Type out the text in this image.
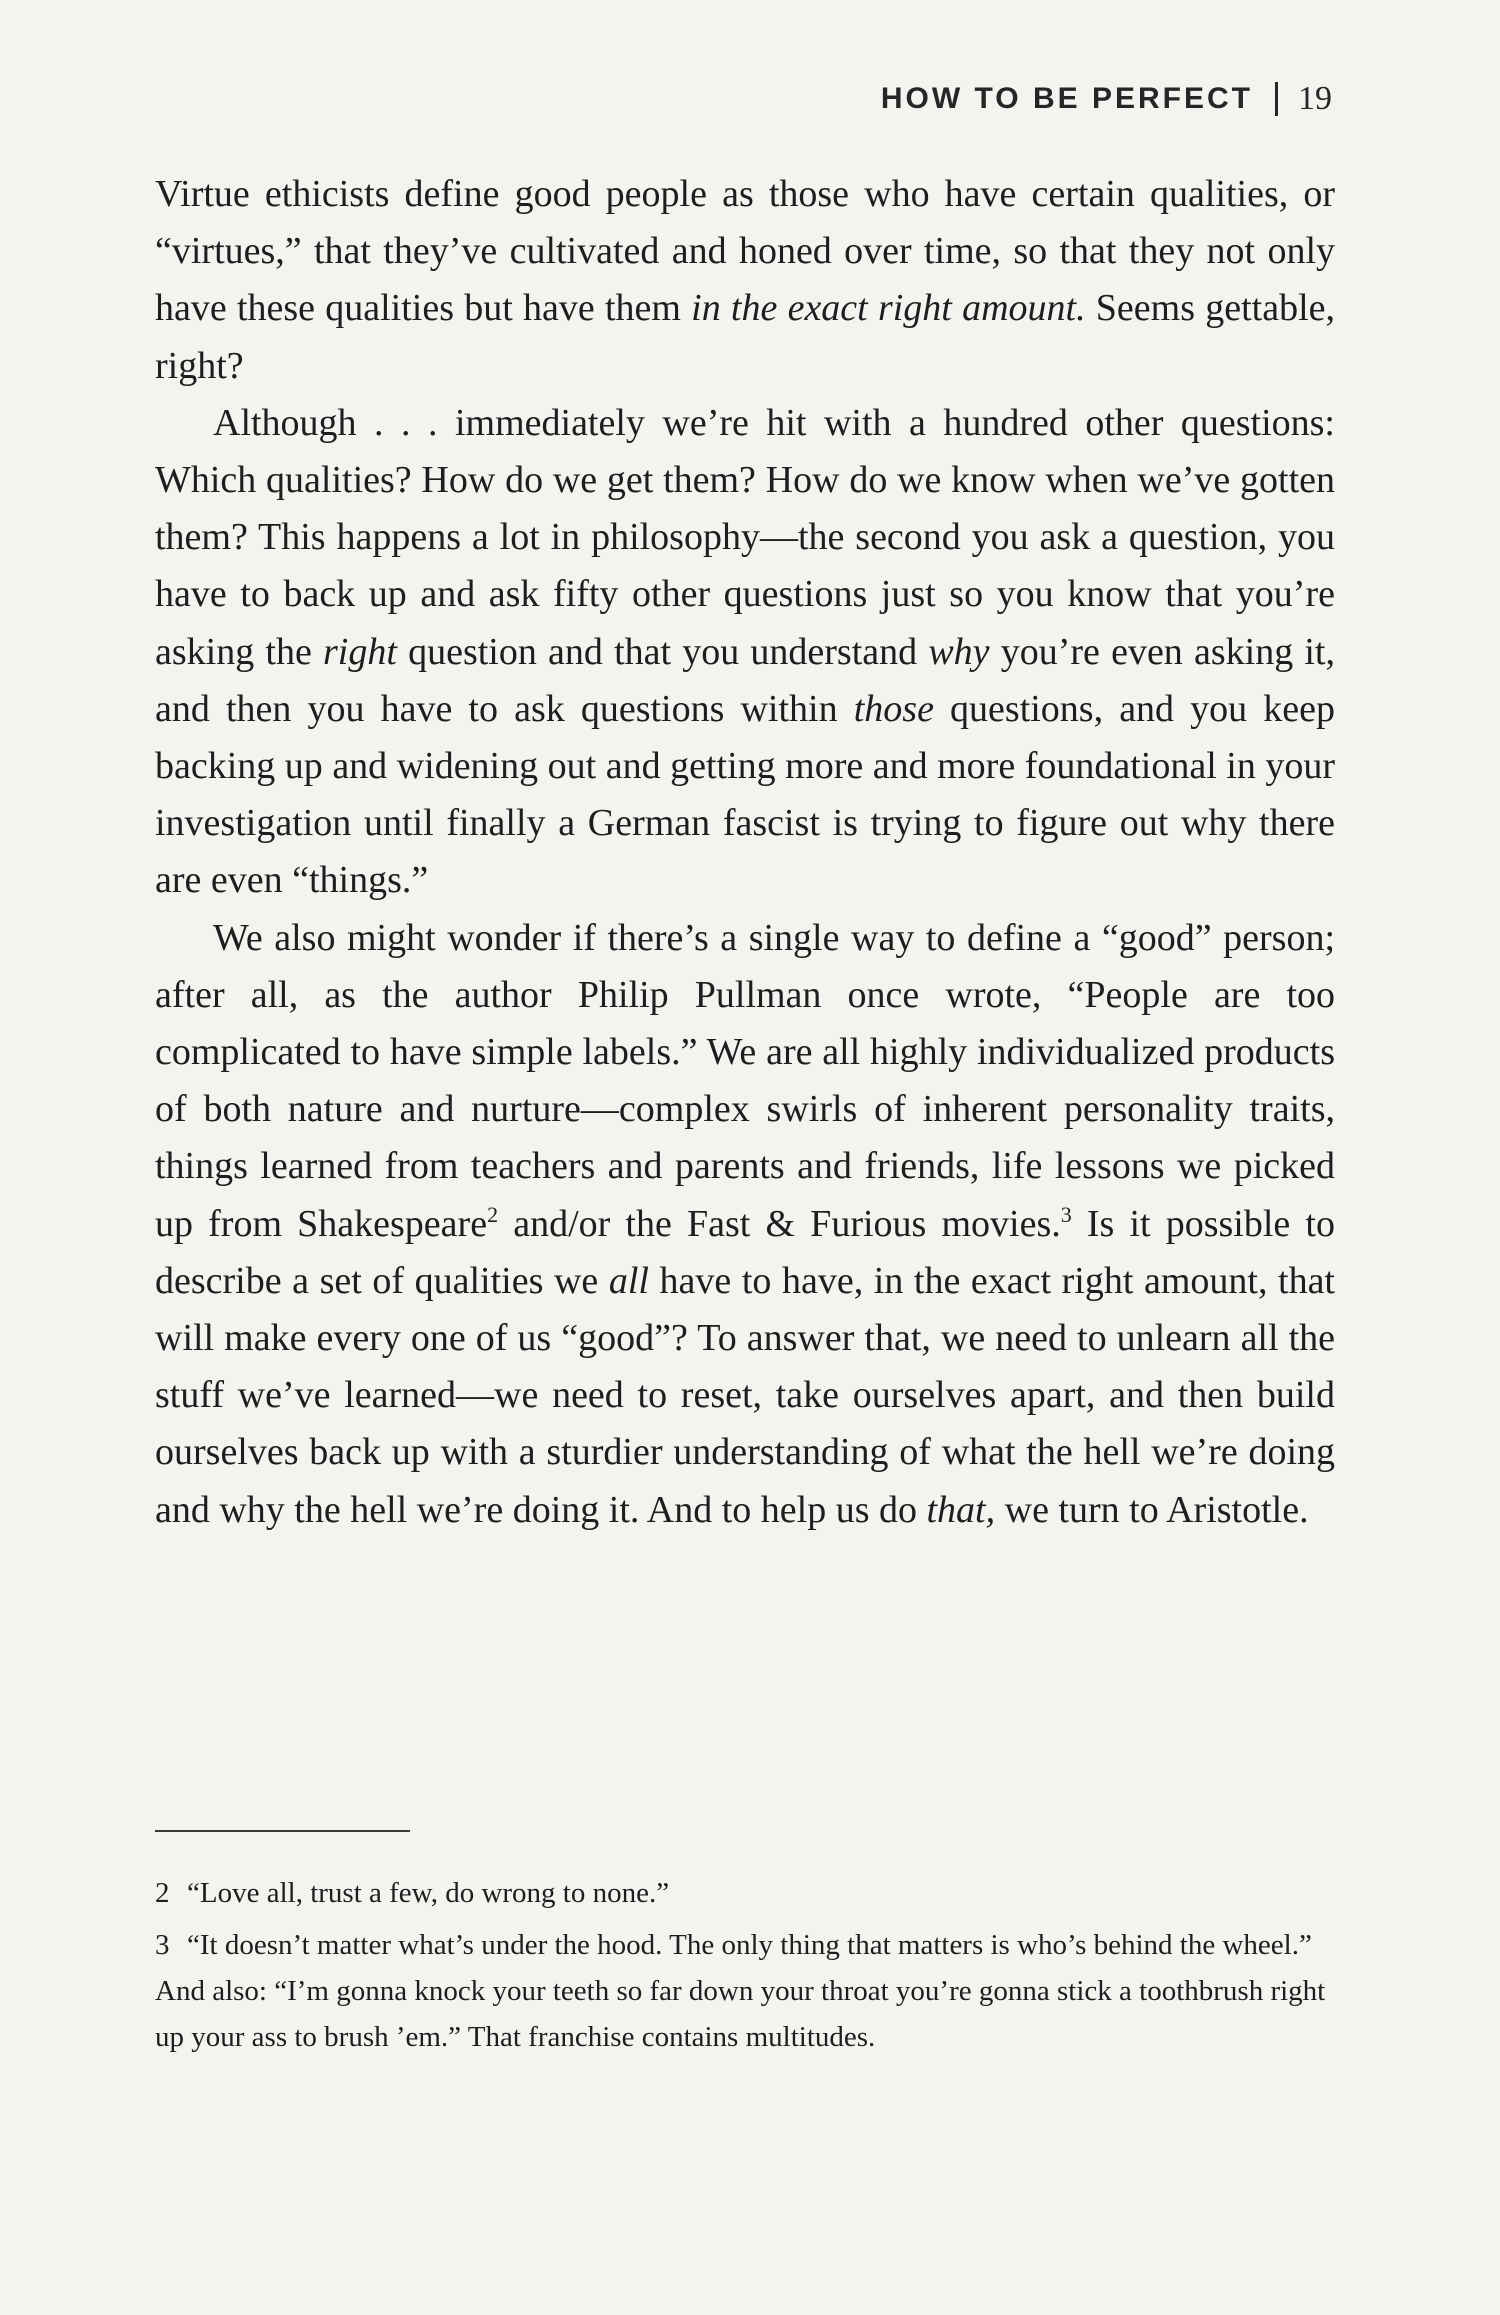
HOW TO BE PERFECT 19

Virtue ethicists define good people as those who have certain qualities, or “virtues,” that they’ve cultivated and honed over time, so that they not only have these qualities but have them in the exact right amount. Seems gettable, right?

Although . . . immediately we’re hit with a hundred other questions: Which qualities? How do we get them? How do we know when we’ve gotten them? This happens a lot in philosophy—the second you ask a question, you have to back up and ask fifty other questions just so you know that you’re asking the right question and that you understand why you’re even asking it, and then you have to ask questions within those questions, and you keep backing up and widening out and getting more and more foundational in your investigation until finally a German fascist is trying to figure out why there are even “things.”

We also might wonder if there’s a single way to define a “good” person; after all, as the author Philip Pullman once wrote, “People are too complicated to have simple labels.” We are all highly individualized products of both nature and nurture—complex swirls of inherent personality traits, things learned from teachers and parents and friends, life lessons we picked up from Shakespeare$^2$ and/or the Fast & Furious movies.$^3$ Is it possible to describe a set of qualities we all have to have, in the exact right amount, that will make every one of us “good”? To answer that, we need to unlearn all the stuff we’ve learned—we need to reset, take ourselves apart, and then build ourselves back up with a sturdier understanding of what the hell we’re doing and why the hell we’re doing it. And to help us do that, we turn to Aristotle.

2 “Love all, trust a few, do wrong to none.”

3 “It doesn’t matter what’s under the hood. The only thing that matters is who’s behind the wheel.” And also: “I’m gonna knock your teeth so far down your throat you’re gonna stick a toothbrush right up your ass to brush ’em.” That franchise contains multitudes.
